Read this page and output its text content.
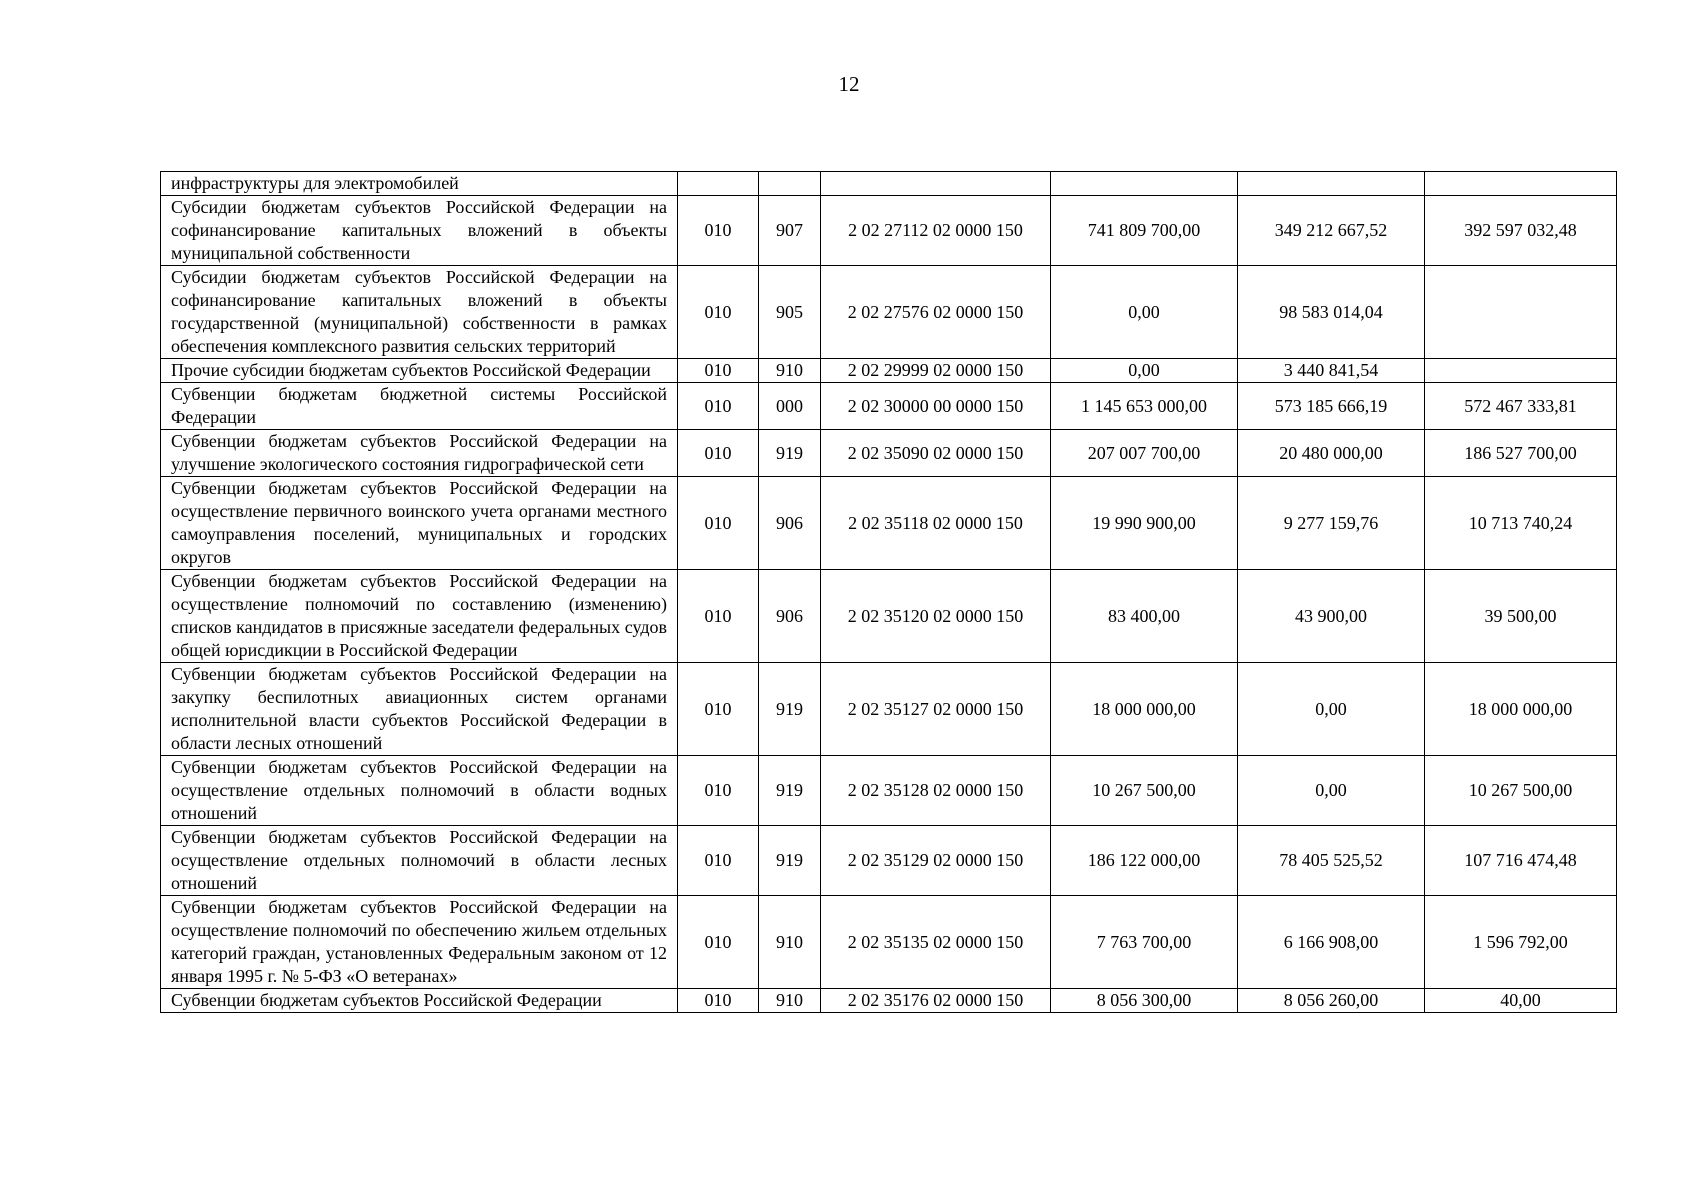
12
инфраструктуры для электромобилей						
Субсидии бюджетам субъектов Российской Федерации на софинансирование капитальных вложений в объекты муниципальной собственности	010	907	2 02 27112 02 0000 150	741 809 700,00	349 212 667,52	392 597 032,48
Субсидии бюджетам субъектов Российской Федерации на софинансирование капитальных вложений в объекты государственной (муниципальной) собственности в рамках обеспечения комплексного развития сельских территорий	010	905	2 02 27576 02 0000 150	0,00	98 583 014,04	
Прочие субсидии бюджетам субъектов Российской Федерации	010	910	2 02 29999 02 0000 150	0,00	3 440 841,54	
Субвенции бюджетам бюджетной системы Российской Федерации	010	000	2 02 30000 00 0000 150	1 145 653 000,00	573 185 666,19	572 467 333,81
Субвенции бюджетам субъектов Российской Федерации на улучшение экологического состояния гидрографической сети	010	919	2 02 35090 02 0000 150	207 007 700,00	20 480 000,00	186 527 700,00
Субвенции бюджетам субъектов Российской Федерации на осуществление первичного воинского учета органами местного самоуправления поселений, муниципальных и городских округов	010	906	2 02 35118 02 0000 150	19 990 900,00	9 277 159,76	10 713 740,24
Субвенции бюджетам субъектов Российской Федерации на осуществление полномочий по составлению (изменению) списков кандидатов в присяжные заседатели федеральных судов общей юрисдикции в Российской Федерации	010	906	2 02 35120 02 0000 150	83 400,00	43 900,00	39 500,00
Субвенции бюджетам субъектов Российской Федерации на закупку беспилотных авиационных систем органами исполнительной власти субъектов Российской Федерации в области лесных отношений	010	919	2 02 35127 02 0000 150	18 000 000,00	0,00	18 000 000,00
Субвенции бюджетам субъектов Российской Федерации на осуществление отдельных полномочий в области водных отношений	010	919	2 02 35128 02 0000 150	10 267 500,00	0,00	10 267 500,00
Субвенции бюджетам субъектов Российской Федерации на осуществление отдельных полномочий в области лесных отношений	010	919	2 02 35129 02 0000 150	186 122 000,00	78 405 525,52	107 716 474,48
Субвенции бюджетам субъектов Российской Федерации на осуществление полномочий по обеспечению жильем отдельных категорий граждан, установленных Федеральным законом от 12 января 1995 г. № 5-ФЗ «О ветеранах»	010	910	2 02 35135 02 0000 150	7 763 700,00	6 166 908,00	1 596 792,00
Субвенции бюджетам субъектов Российской Федерации	010	910	2 02 35176 02 0000 150	8 056 300,00	8 056 260,00	40,00
